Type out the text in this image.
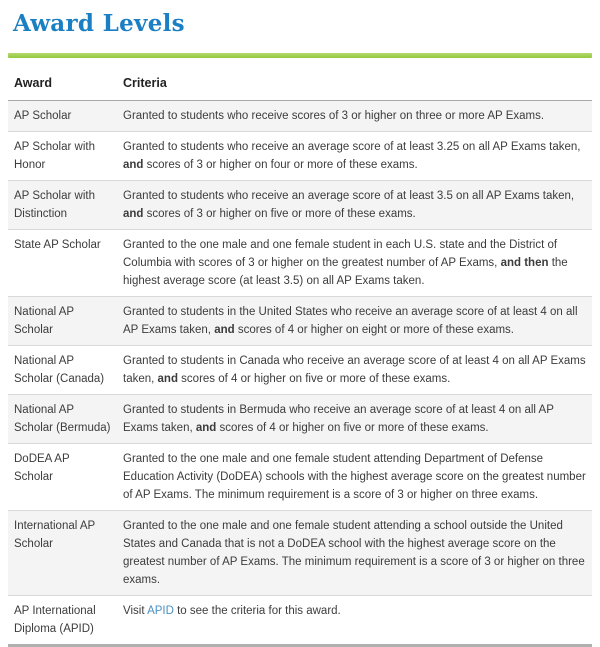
Award Levels
Award	Criteria
AP Scholar	Granted to students who receive scores of 3 or higher on three or more AP Exams.
AP Scholar with Honor	Granted to students who receive an average score of at least 3.25 on all AP Exams taken, and scores of 3 or higher on four or more of these exams.
AP Scholar with Distinction	Granted to students who receive an average score of at least 3.5 on all AP Exams taken, and scores of 3 or higher on five or more of these exams.
State AP Scholar	Granted to the one male and one female student in each U.S. state and the District of Columbia with scores of 3 or higher on the greatest number of AP Exams, and then the highest average score (at least 3.5) on all AP Exams taken.
National AP Scholar	Granted to students in the United States who receive an average score of at least 4 on all AP Exams taken, and scores of 4 or higher on eight or more of these exams.
National AP Scholar (Canada)	Granted to students in Canada who receive an average score of at least 4 on all AP Exams taken, and scores of 4 or higher on five or more of these exams.
National AP Scholar (Bermuda)	Granted to students in Bermuda who receive an average score of at least 4 on all AP Exams taken, and scores of 4 or higher on five or more of these exams.
DoDEA AP Scholar	Granted to the one male and one female student attending Department of Defense Education Activity (DoDEA) schools with the highest average score on the greatest number of AP Exams. The minimum requirement is a score of 3 or higher on three exams.
International AP Scholar	Granted to the one male and one female student attending a school outside the United States and Canada that is not a DoDEA school with the highest average score on the greatest number of AP Exams. The minimum requirement is a score of 3 or higher on three exams.
AP International Diploma (APID)	Visit APID to see the criteria for this award.
